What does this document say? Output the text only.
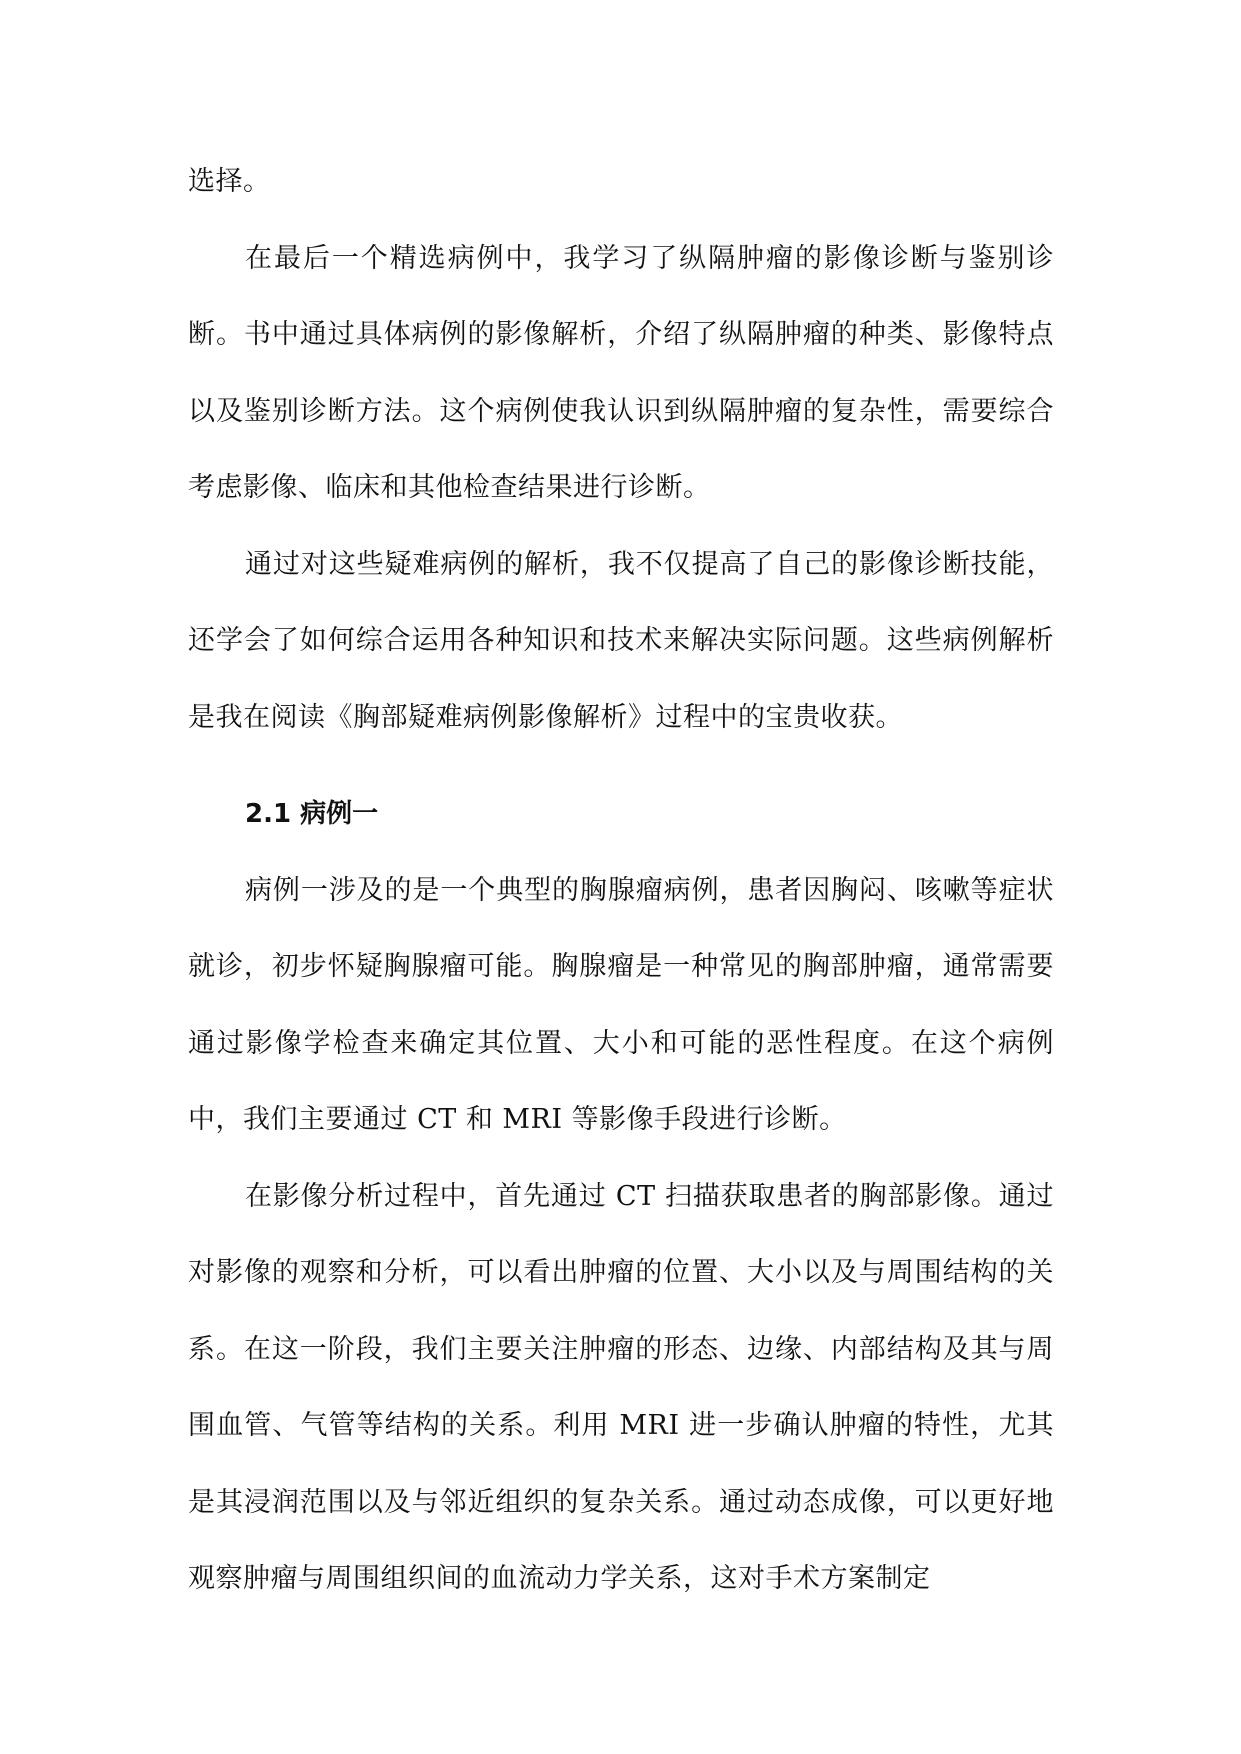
选择。

在最后一个精选病例中，我学习了纵隔肿瘤的影像诊断与鉴别诊断。书中通过具体病例的影像解析，介绍了纵隔肿瘤的种类、影像特点以及鉴别诊断方法。这个病例使我认识到纵隔肿瘤的复杂性，需要综合考虑影像、临床和其他检查结果进行诊断。

通过对这些疑难病例的解析，我不仅提高了自己的影像诊断技能，还学会了如何综合运用各种知识和技术来解决实际问题。这些病例解析是我在阅读《胸部疑难病例影像解析》过程中的宝贵收获。

2.1 病例一

病例一涉及的是一个典型的胸腺瘤病例，患者因胸闷、咳嗽等症状就诊，初步怀疑胸腺瘤可能。胸腺瘤是一种常见的胸部肿瘤，通常需要通过影像学检查来确定其位置、大小和可能的恶性程度。在这个病例中，我们主要通过 CT 和 MRI 等影像手段进行诊断。

在影像分析过程中，首先通过 CT 扫描获取患者的胸部影像。通过对影像的观察和分析，可以看出肿瘤的位置、大小以及与周围结构的关系。在这一阶段，我们主要关注肿瘤的形态、边缘、内部结构及其与周围血管、气管等结构的关系。利用 MRI 进一步确认肿瘤的特性，尤其是其浸润范围以及与邻近组织的复杂关系。通过动态成像，可以更好地观察肿瘤与周围组织间的血流动力学关系，这对手术方案制定
